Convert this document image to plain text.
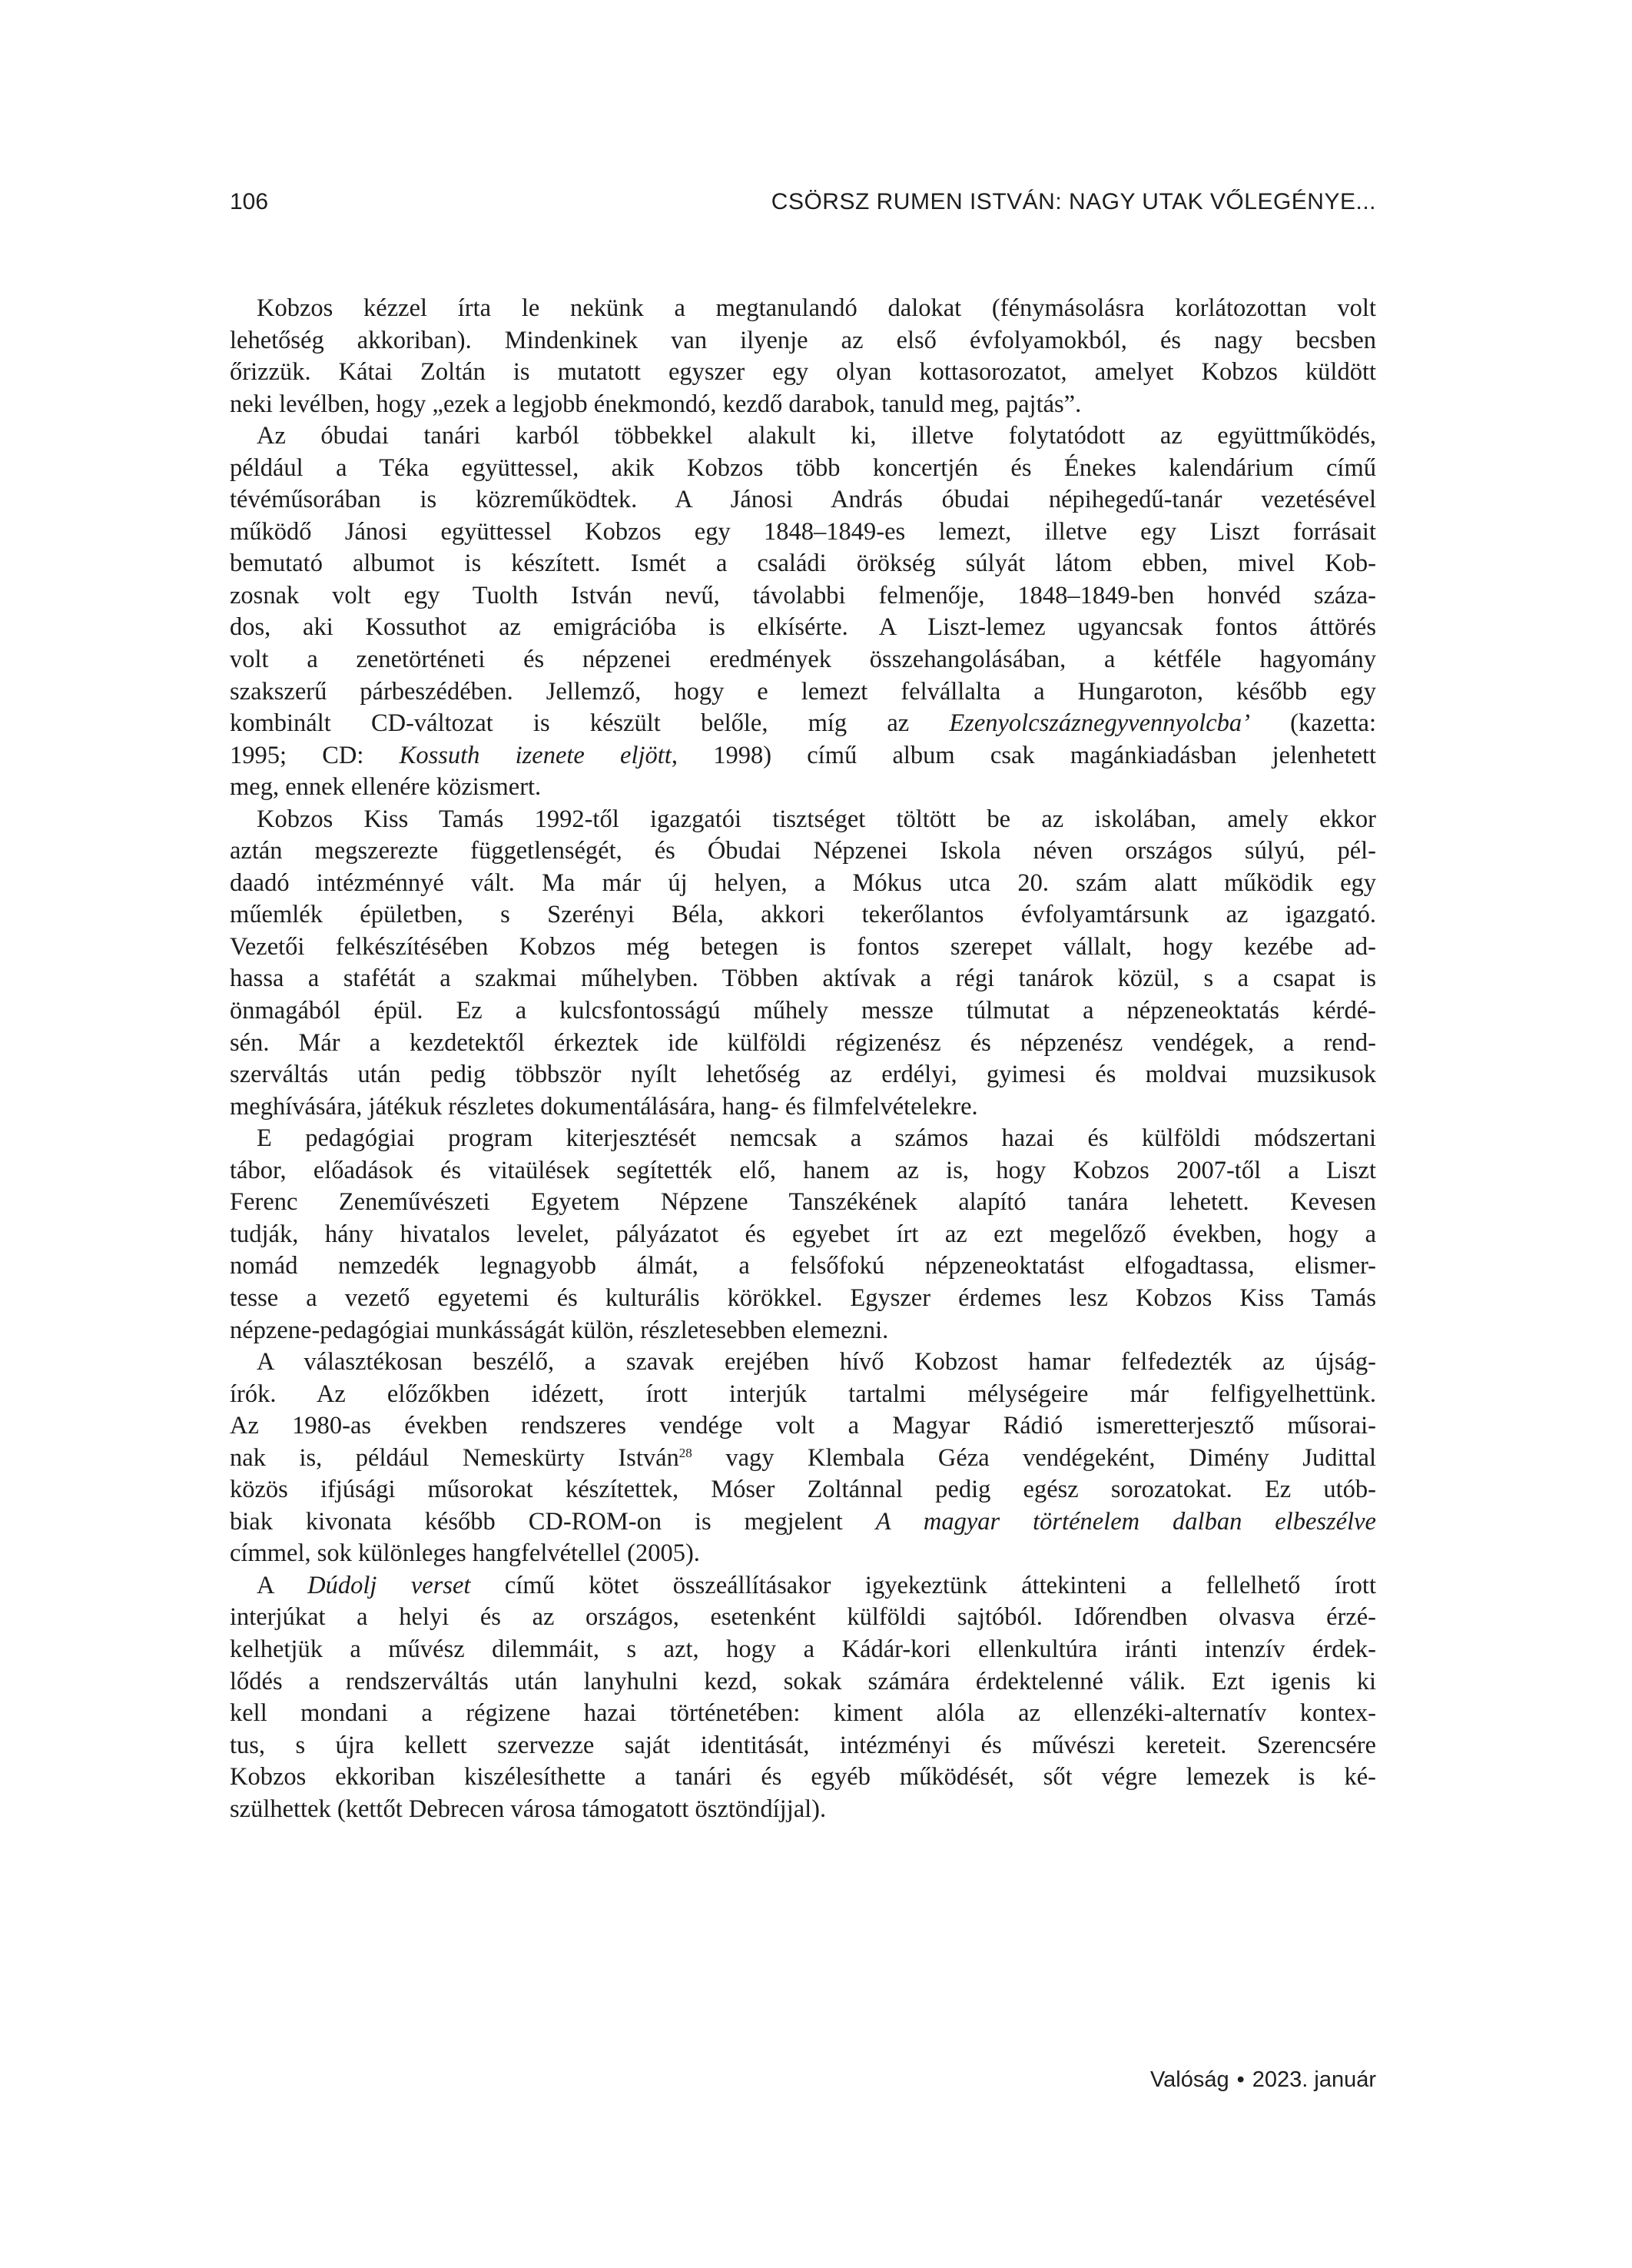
106	CSÖRSZ RUMEN ISTVÁN: NAGY UTAK VŐLEGÉNYE...
Kobzos kézzel írta le nekünk a megtanulandó dalokat (fénymásolásra korlátozottan volt
lehetőség akkoriban). Mindenkinek van ilyenje az első évfolyamokból, és nagy becsben
őrizzük. Kátai Zoltán is mutatott egyszer egy olyan kottasorozatot, amelyet Kobzos küldött
neki levélben, hogy „ezek a legjobb énekmondó, kezdő darabok, tanuld meg, pajtás”.
Az óbudai tanári karból többekkel alakult ki, illetve folytatódott az együttműködés,
például a Téka együttessel, akik Kobzos több koncertjén és Énekes kalendárium című
tévéműsorában is közreműködtek. A Jánosi András óbudai népihegedű-tanár vezetésével
működő Jánosi együttessel Kobzos egy 1848–1849-es lemezt, illetve egy Liszt forrásait
bemutató albumot is készített. Ismét a családi örökség súlyát látom ebben, mivel Kob-
zosnak volt egy Tuolth István nevű, távolabbi felmenője, 1848–1849-ben honvéd száza-
dos, aki Kossuthot az emigrációba is elkísérte. A Liszt-lemez ugyancsak fontos áttörés
volt a zenetörténeti és népzenei eredmények összehangolásában, a kétféle hagyomány
szakszerű párbeszédében. Jellemző, hogy e lemezt felvállalta a Hungaroton, később egy
kombinált CD-változat is készült belőle, míg az Ezenyolcszáznegyvennyolcba’ (kazetta:
1995; CD: Kossuth izenete eljött, 1998) című album csak magánkiadásban jelenhetett
meg, ennek ellenére közismert.
Kobzos Kiss Tamás 1992-től igazgatói tisztséget töltött be az iskolában, amely ekkor
aztán megszerezte függetlenségét, és Óbudai Népzenei Iskola néven országos súlyú, pél-
daadó intézménnyé vált. Ma már új helyen, a Mókus utca 20. szám alatt működik egy
műemlék épületben, s Szerényi Béla, akkori tekerőlantos évfolyamtársunk az igazgató.
Vezetői felkészítésében Kobzos még betegen is fontos szerepet vállalt, hogy kezébe ad-
hassa a stafétát a szakmai műhelyben. Többen aktívak a régi tanárok közül, s a csapat is
önmagából épül. Ez a kulcsfontosságú műhely messze túlmutat a népzeneoktatás kérdé-
sén. Már a kezdetektől érkeztek ide külföldi régizenész és népzenész vendégek, a rend-
szerváltás után pedig többször nyílt lehetőség az erdélyi, gyimesi és moldvai muzsikusok
meghívására, játékuk részletes dokumentálására, hang- és filmfelvételekre.
E pedagógiai program kiterjesztését nemcsak a számos hazai és külföldi módszertani
tábor, előadások és vitaülések segítették elő, hanem az is, hogy Kobzos 2007-től a Liszt
Ferenc Zeneművészeti Egyetem Népzene Tanszékének alapító tanára lehetett. Kevesen
tudják, hány hivatalos levelet, pályázatot és egyebet írt az ezt megelőző években, hogy a
nomád nemzedék legnagyobb álmát, a felsőfokú népzeneoktatást elfogadtassa, elismer-
tesse a vezető egyetemi és kulturális körökkel. Egyszer érdemes lesz Kobzos Kiss Tamás
népzene-pedagógiai munkásságát külön, részletesebben elemezni.
A választékosan beszélő, a szavak erejében hívő Kobzost hamar felfedezték az újság-
írók. Az előzőkben idézett, írott interjúk tartalmi mélységeire már felfigyelhettünk.
Az 1980-as években rendszeres vendége volt a Magyar Rádió ismeretterjesztő műsorai-
nak is, például Nemeskürty István$^{28}$ vagy Klembala Géza vendégeként, Dimény Judittal
közös ifjúsági műsorokat készítettek, Móser Zoltánnal pedig egész sorozatokat. Ez utób-
biak kivonata később CD-ROM-on is megjelent A magyar történelem dalban elbeszélve
címmel, sok különleges hangfelvétellel (2005).
A Dúdolj verset című kötet összeállításakor igyekeztünk áttekinteni a fellelhető írott
interjúkat a helyi és az országos, esetenként külföldi sajtóból. Időrendben olvasva érzé-
kelhetjük a művész dilemmáit, s azt, hogy a Kádár-kori ellenkultúra iránti intenzív érdek-
lődés a rendszerváltás után lanyhulni kezd, sokak számára érdektelenné válik. Ezt igenis ki
kell mondani a régizene hazai történetében: kiment alóla az ellenzéki-alternatív kontex-
tus, s újra kellett szervezze saját identitását, intézményi és művészi kereteit. Szerencsére
Kobzos ekkoriban kiszélesíthette a tanári és egyéb működését, sőt végre lemezek is ké-
szülhettek (kettőt Debrecen városa támogatott ösztöndíjjal).
Valóság • 2023. január
